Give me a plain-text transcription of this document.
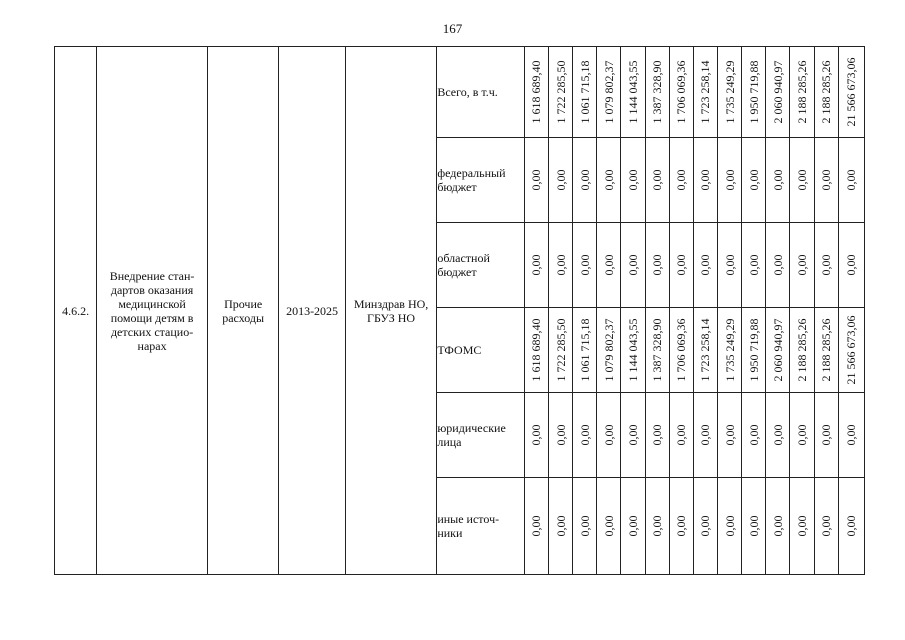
167
4.6.2.	Внедрение стан-дартов оказания медицинской помощи детям в детских стацио-нарах	Прочие расходы	2013-2025	Минздрав НО, ГБУЗ НО	Всего, в т.ч.	1 618 689,40	1 722 285,50	1 061 715,18	1 079 802,37	1 144 043,55	1 387 328,90	1 706 069,36	1 723 258,14	1 735 249,29	1 950 719,88	2 060 940,97	2 188 285,26	2 188 285,26	21 566 673,06

					федеральный бюджет	0,00	0,00	0,00	0,00	0,00	0,00	0,00	0,00	0,00	0,00	0,00	0,00	0,00	0,00

					областной бюджет	0,00	0,00	0,00	0,00	0,00	0,00	0,00	0,00	0,00	0,00	0,00	0,00	0,00	0,00

					ТФОМС	1 618 689,40	1 722 285,50	1 061 715,18	1 079 802,37	1 144 043,55	1 387 328,90	1 706 069,36	1 723 258,14	1 735 249,29	1 950 719,88	2 060 940,97	2 188 285,26	2 188 285,26	21 566 673,06

					юридические лица	0,00	0,00	0,00	0,00	0,00	0,00	0,00	0,00	0,00	0,00	0,00	0,00	0,00	0,00

					иные источ-ники	0,00	0,00	0,00	0,00	0,00	0,00	0,00	0,00	0,00	0,00	0,00	0,00	0,00	0,00
